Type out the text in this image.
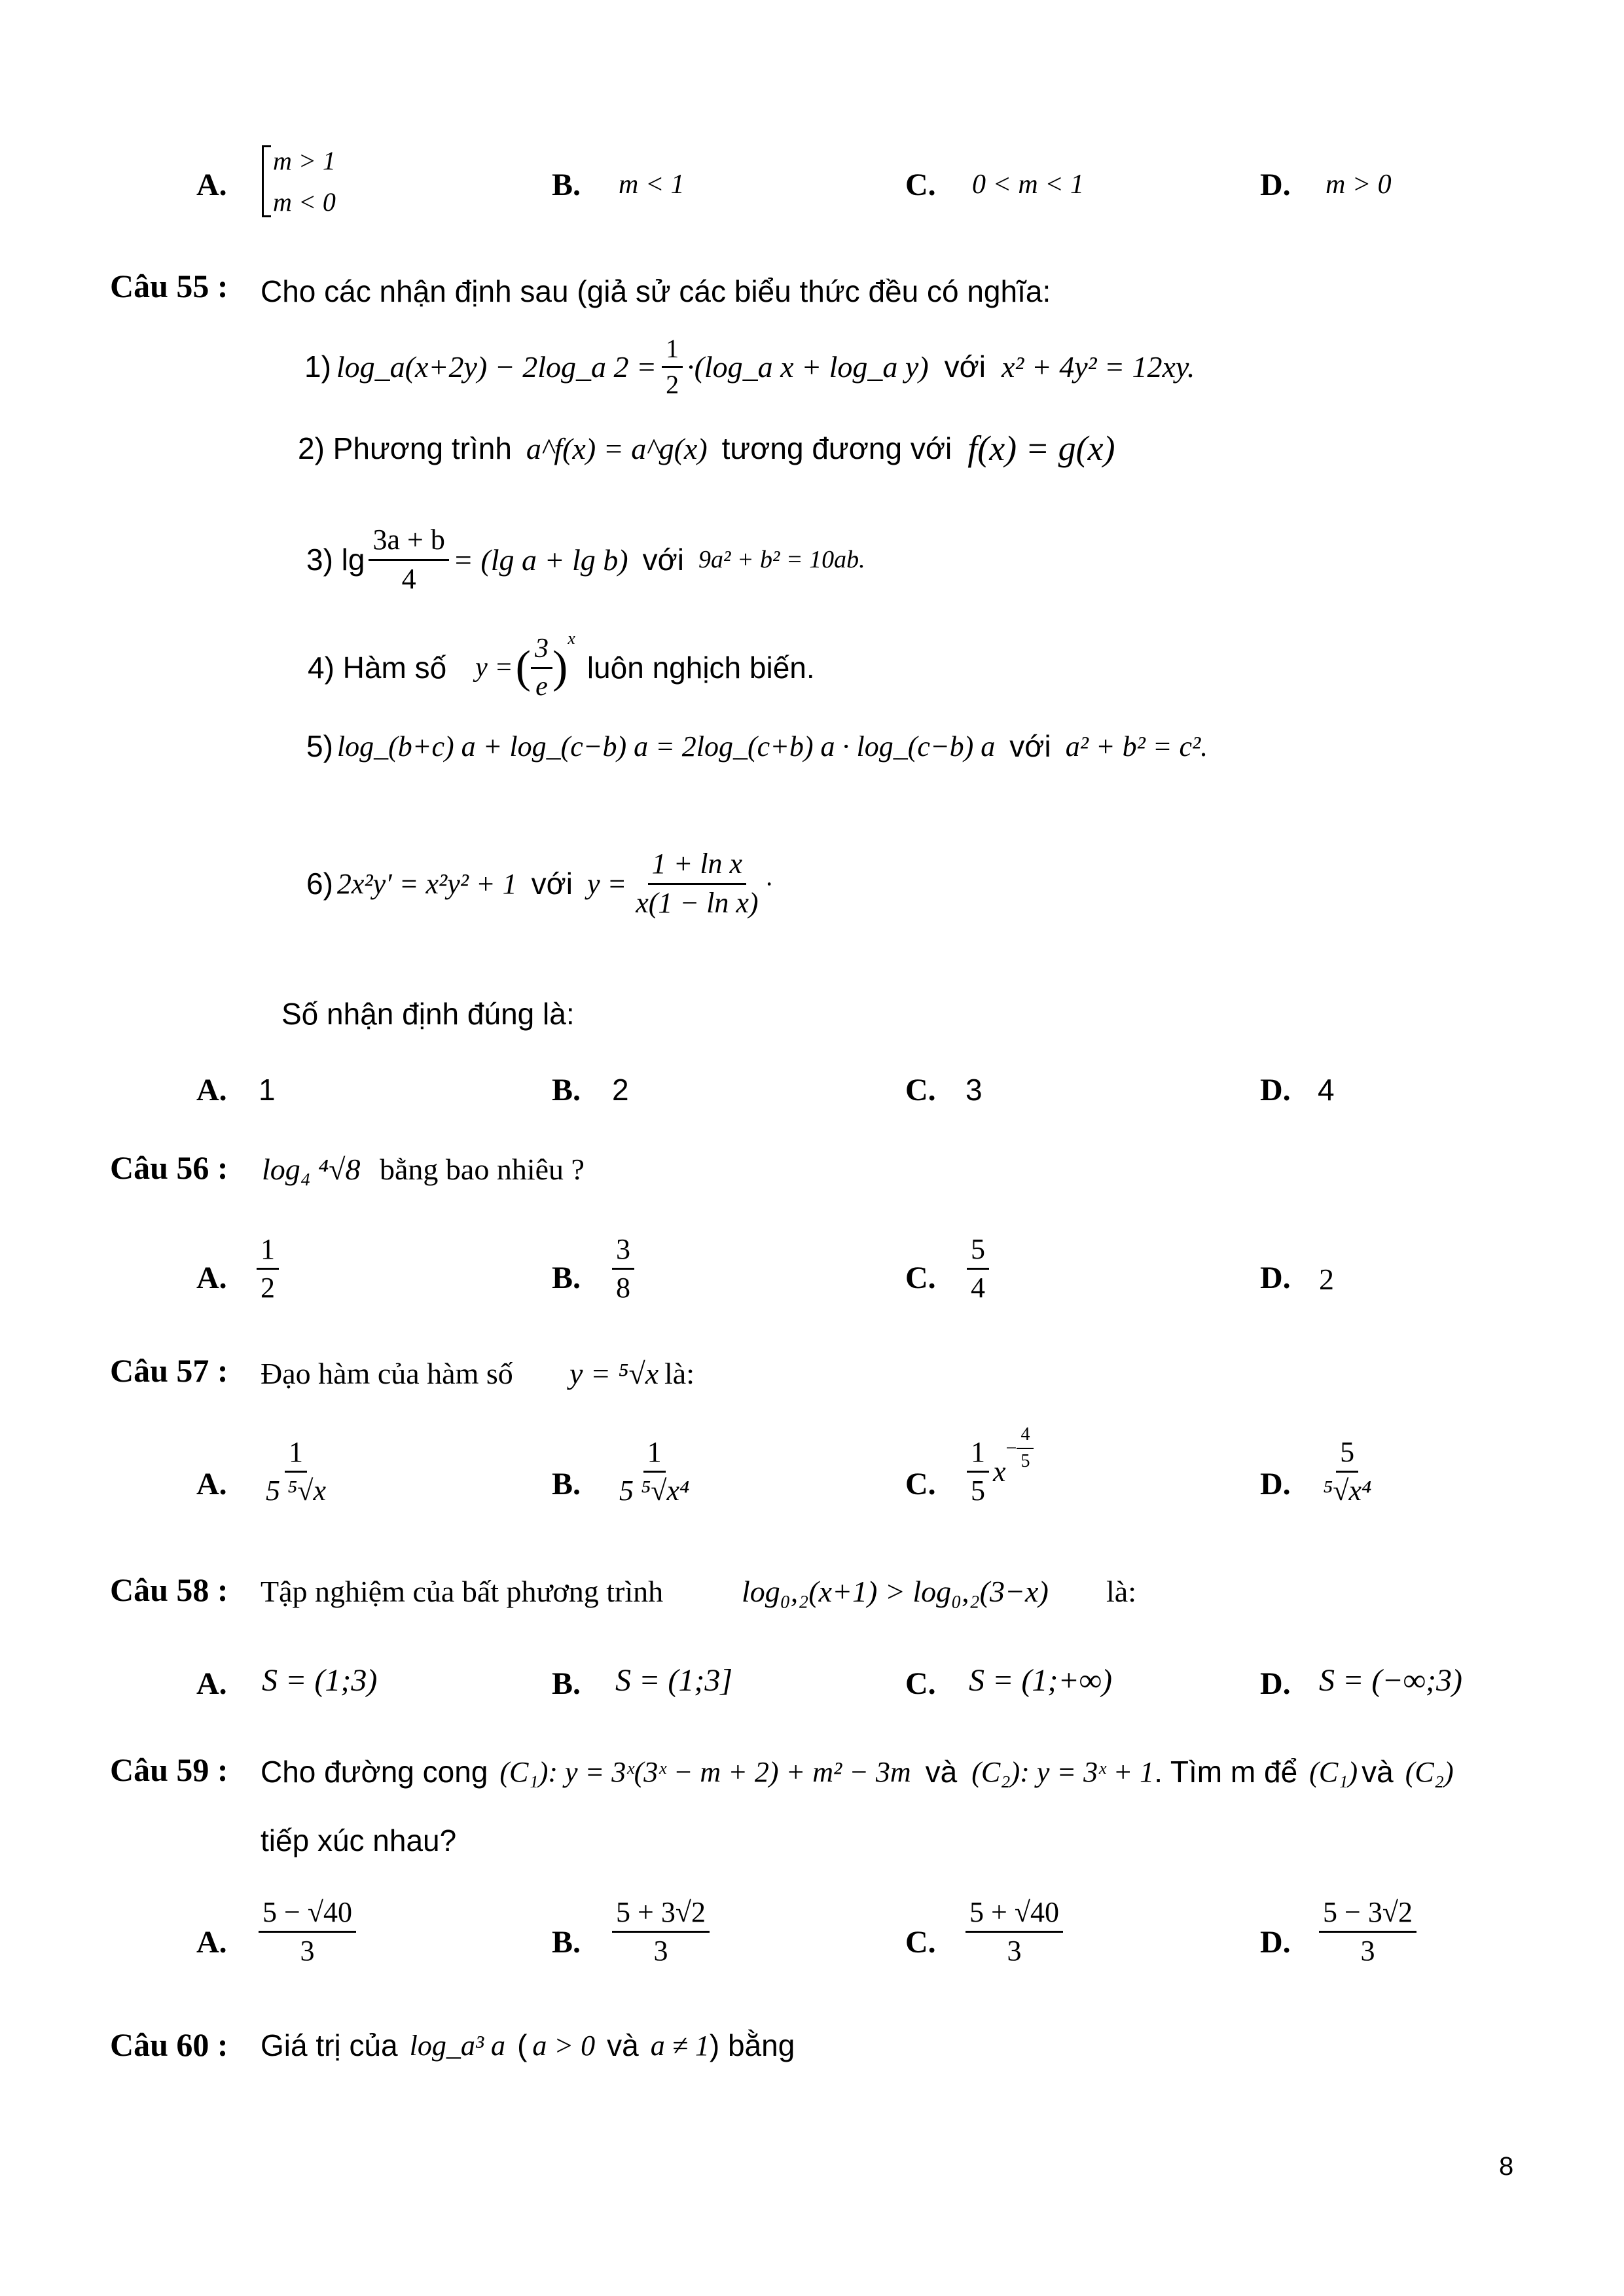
A.
m > 1
m < 0	B. m < 1	C. 0 < m < 1	D. m > 0
Câu 55 : Cho các nhận định sau (giả sử các biểu thức đều có nghĩa:
1) log_a(x+2y) − 2log_a $2 = \frac{1}{2}$ ·(log_a x + log_a y) với x² + 4y² = 12xy.
2) Phương trình a^f(x) = a^g(x) tương đương với f(x) = g(x)
3) $\lg \frac{3a + b}{4} = (\lg$ a + lg b) với 9a² + b² = 10ab.
4) Hàm số y = ( $\frac{3}{e}$ )
x
luôn nghịch biến.
5) log_(b+c) a + log_(c−b) a = 2log_(c+b) a · log_(c−b) a với a² + b² = c².
6) 2x²y′ = x²y² + 1 với $y = \frac{\text{1 + ln x}}{\text{x(1 − ln x)}}$ ·
Số nhận định đúng là:
A. 1	B. 2	C. 3	D. 4
Câu 56 : log₄ ⁴√8 bằng bao nhiêu ?
A. $\frac{1}{2}$	B. $\frac{3}{8}$	C. $\frac{5}{4}$	D. 2
Câu 57 : Đạo hàm của hàm số y = ⁵√x là:
A. $\frac{1}{\text{5 ⁵√x}}$	B. $\frac{1}{\text{5 ⁵√x⁴}}$	C. $\frac{1}{5}$ x
− $\frac{4}{5}$
D. $\frac{5}{\text{⁵√x⁴}}$
Câu 58 : Tập nghiệm của bất phương trình	log₀,₂(x+1) > log₀,₂(3−x) là:
A. S = (1;3)	B. S = (1;3]	C. S = (1;+∞)	D. S = (−∞;3)
Câu 59 : Cho đường cong (C₁): y = 3ˣ(3ˣ − m + 2) + m² − 3m và (C₂): y = 3ˣ + 1 . Tìm m để (C₁) và (C₂)
tiếp xúc nhau?
A. $\frac{5 - √40}{3}$	B. $\frac{5 + 3√2}{3}$	C. $\frac{5 + √40}{3}$	D. $\frac{5 - 3√2}{3}$
Câu 60 : Giá trị của log_a³ a ( a > 0 và a ≠ 1 ) bằng
8
